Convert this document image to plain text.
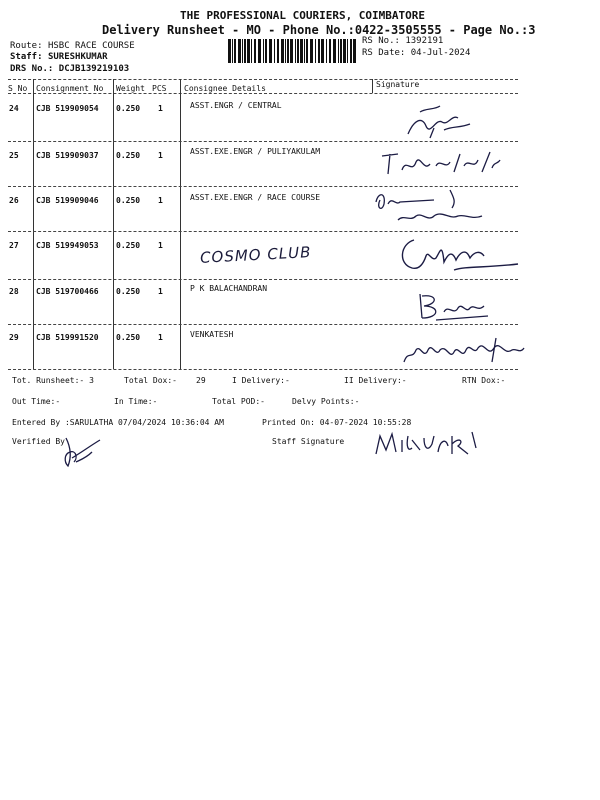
THE PROFESSIONAL COURIERS, COIMBATORE
Delivery Runsheet - MO - Phone No.:0422-3505555 - Page No.:3
Route: HSBC RACE COURSE
Staff: SURESHKUMAR
DRS No.: DCJB139219103
RS No.: 1392191
RS Date: 04-Jul-2024
S No Consignment No Weight PCS Consignee Details	Signature
24 CJB 519909054 0.250 1	ASST.ENGR / CENTRAL
25 CJB 519909037 0.250 1	ASST.EXE.ENGR / PULIYAKULAM
26 CJB 519909046 0.250 1	ASST.EXE.ENGR / RACE COURSE
27 CJB 519949053 0.250 1 COSMO CLUB
28 CJB 519700466 0.250 1	P K BALACHANDRAN
29 CJB 519991520 0.250 1	VENKATESH
Tot. Runsheet:- 3	Total Dox:- 29	I Delivery:-	II Delivery:-	RTN Dox:-
Out Time:-	In Time:-	Total POD:-	Delvy Points:-
Entered By :SARULATHA 07/04/2024 10:36:04 AM	Printed On: 04-07-2024 10:55:28
Verified By	Staff Signature
